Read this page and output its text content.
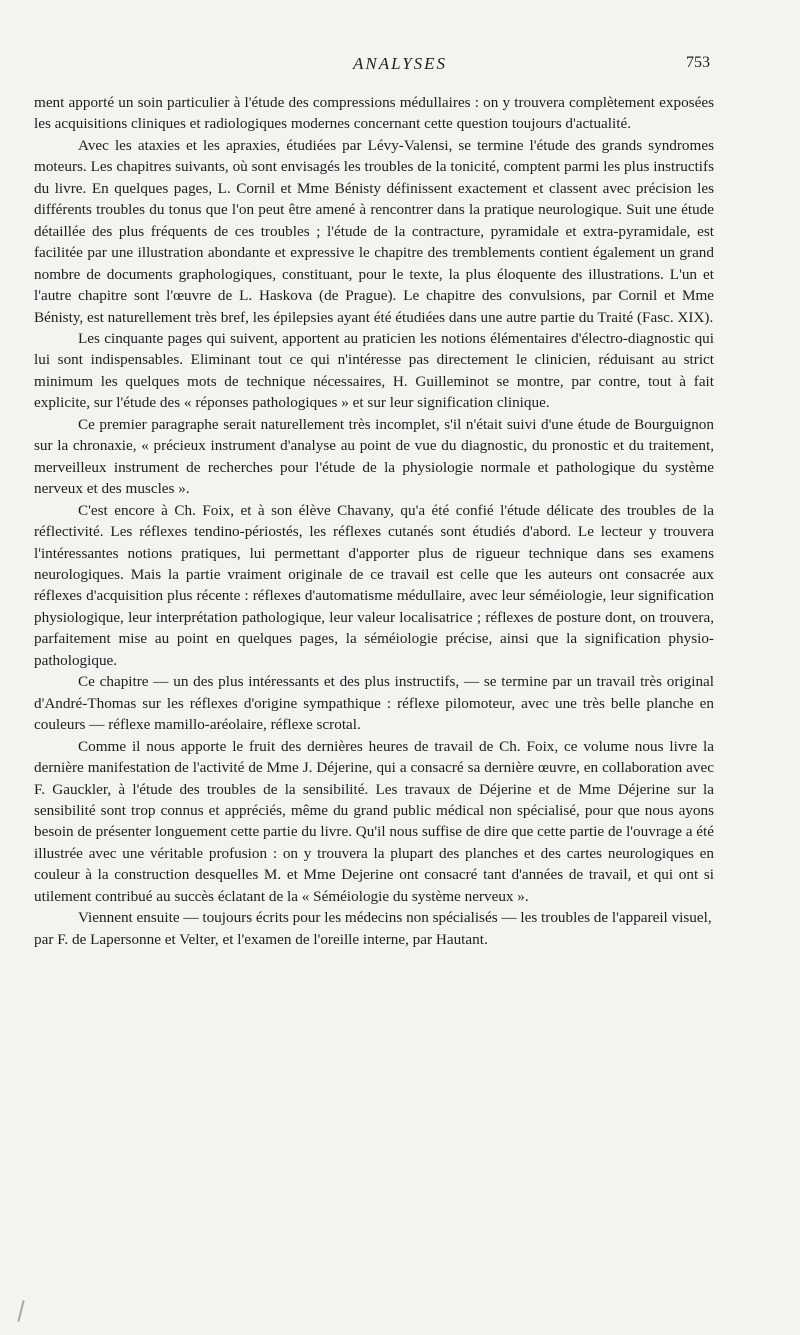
ANALYSES	753

ment apporté un soin particulier à l'étude des compressions médullaires : on y trouvera complètement exposées les acquisitions cliniques et radiologiques modernes concernant cette question toujours d'actualité.

Avec les ataxies et les apraxies, étudiées par Lévy-Valensi, se termine l'étude des grands syndromes moteurs. Les chapitres suivants, où sont envisagés les troubles de la tonicité, comptent parmi les plus instructifs du livre. En quelques pages, L. Cornil et Mme Bénisty définissent exactement et classent avec précision les différents troubles du tonus que l'on peut être amené à rencontrer dans la pratique neurologique. Suit une étude détaillée des plus fréquents de ces troubles ; l'étude de la contracture, pyramidale et extra-pyramidale, est facilitée par une illustration abondante et expressive le chapitre des tremblements contient également un grand nombre de documents graphologiques, constituant, pour le texte, la plus éloquente des illustrations. L'un et l'autre chapitre sont l'œuvre de L. Haskova (de Prague). Le chapitre des convulsions, par Cornil et Mme Bénisty, est naturellement très bref, les épilepsies ayant été étudiées dans une autre partie du Traité (Fasc. XIX).

Les cinquante pages qui suivent, apportent au praticien les notions élémentaires d'électro-diagnostic qui lui sont indispensables. Eliminant tout ce qui n'intéresse pas directement le clinicien, réduisant au strict minimum les quelques mots de technique nécessaires, H. Guilleminot se montre, par contre, tout à fait explicite, sur l'étude des « réponses pathologiques » et sur leur signification clinique.

Ce premier paragraphe serait naturellement très incomplet, s'il n'était suivi d'une étude de Bourguignon sur la chronaxie, « précieux instrument d'analyse au point de vue du diagnostic, du pronostic et du traitement, merveilleux instrument de recherches pour l'étude de la physiologie normale et pathologique du système nerveux et des muscles ».

C'est encore à Ch. Foix, et à son élève Chavany, qu'a été confié l'étude délicate des troubles de la réflectivité. Les réflexes tendino-périostés, les réflexes cutanés sont étudiés d'abord. Le lecteur y trouvera l'intéressantes notions pratiques, lui permettant d'apporter plus de rigueur technique dans ses examens neurologiques. Mais la partie vraiment originale de ce travail est celle que les auteurs ont consacrée aux réflexes d'acquisition plus récente : réflexes d'automatisme médullaire, avec leur séméiologie, leur signification physiologique, leur interprétation pathologique, leur valeur localisatrice ; réflexes de posture dont, on trouvera, parfaitement mise au point en quelques pages, la séméiologie précise, ainsi que la signification physio-pathologique.

Ce chapitre — un des plus intéressants et des plus instructifs, — se termine par un travail très original d'André-Thomas sur les réflexes d'origine sympathique : réflexe pilomoteur, avec une très belle planche en couleurs — réflexe mamillo-aréolaire, réflexe scrotal.

Comme il nous apporte le fruit des dernières heures de travail de Ch. Foix, ce volume nous livre la dernière manifestation de l'activité de Mme J. Déjerine, qui a consacré sa dernière œuvre, en collaboration avec F. Gauckler, à l'étude des troubles de la sensibilité. Les travaux de Déjerine et de Mme Déjerine sur la sensibilité sont trop connus et appréciés, même du grand public médical non spécialisé, pour que nous ayons besoin de présenter longuement cette partie du livre. Qu'il nous suffise de dire que cette partie de l'ouvrage a été illustrée avec une véritable profusion : on y trouvera la plupart des planches et des cartes neurologiques en couleur à la construction desquelles M. et Mme Dejerine ont consacré tant d'années de travail, et qui ont si utilement contribué au succès éclatant de la « Séméiologie du système nerveux ».

Viennent ensuite — toujours écrits pour les médecins non spécialisés — les troubles de l'appareil visuel, par F. de Lapersonne et Velter, et l'examen de l'oreille interne, par Hautant.
